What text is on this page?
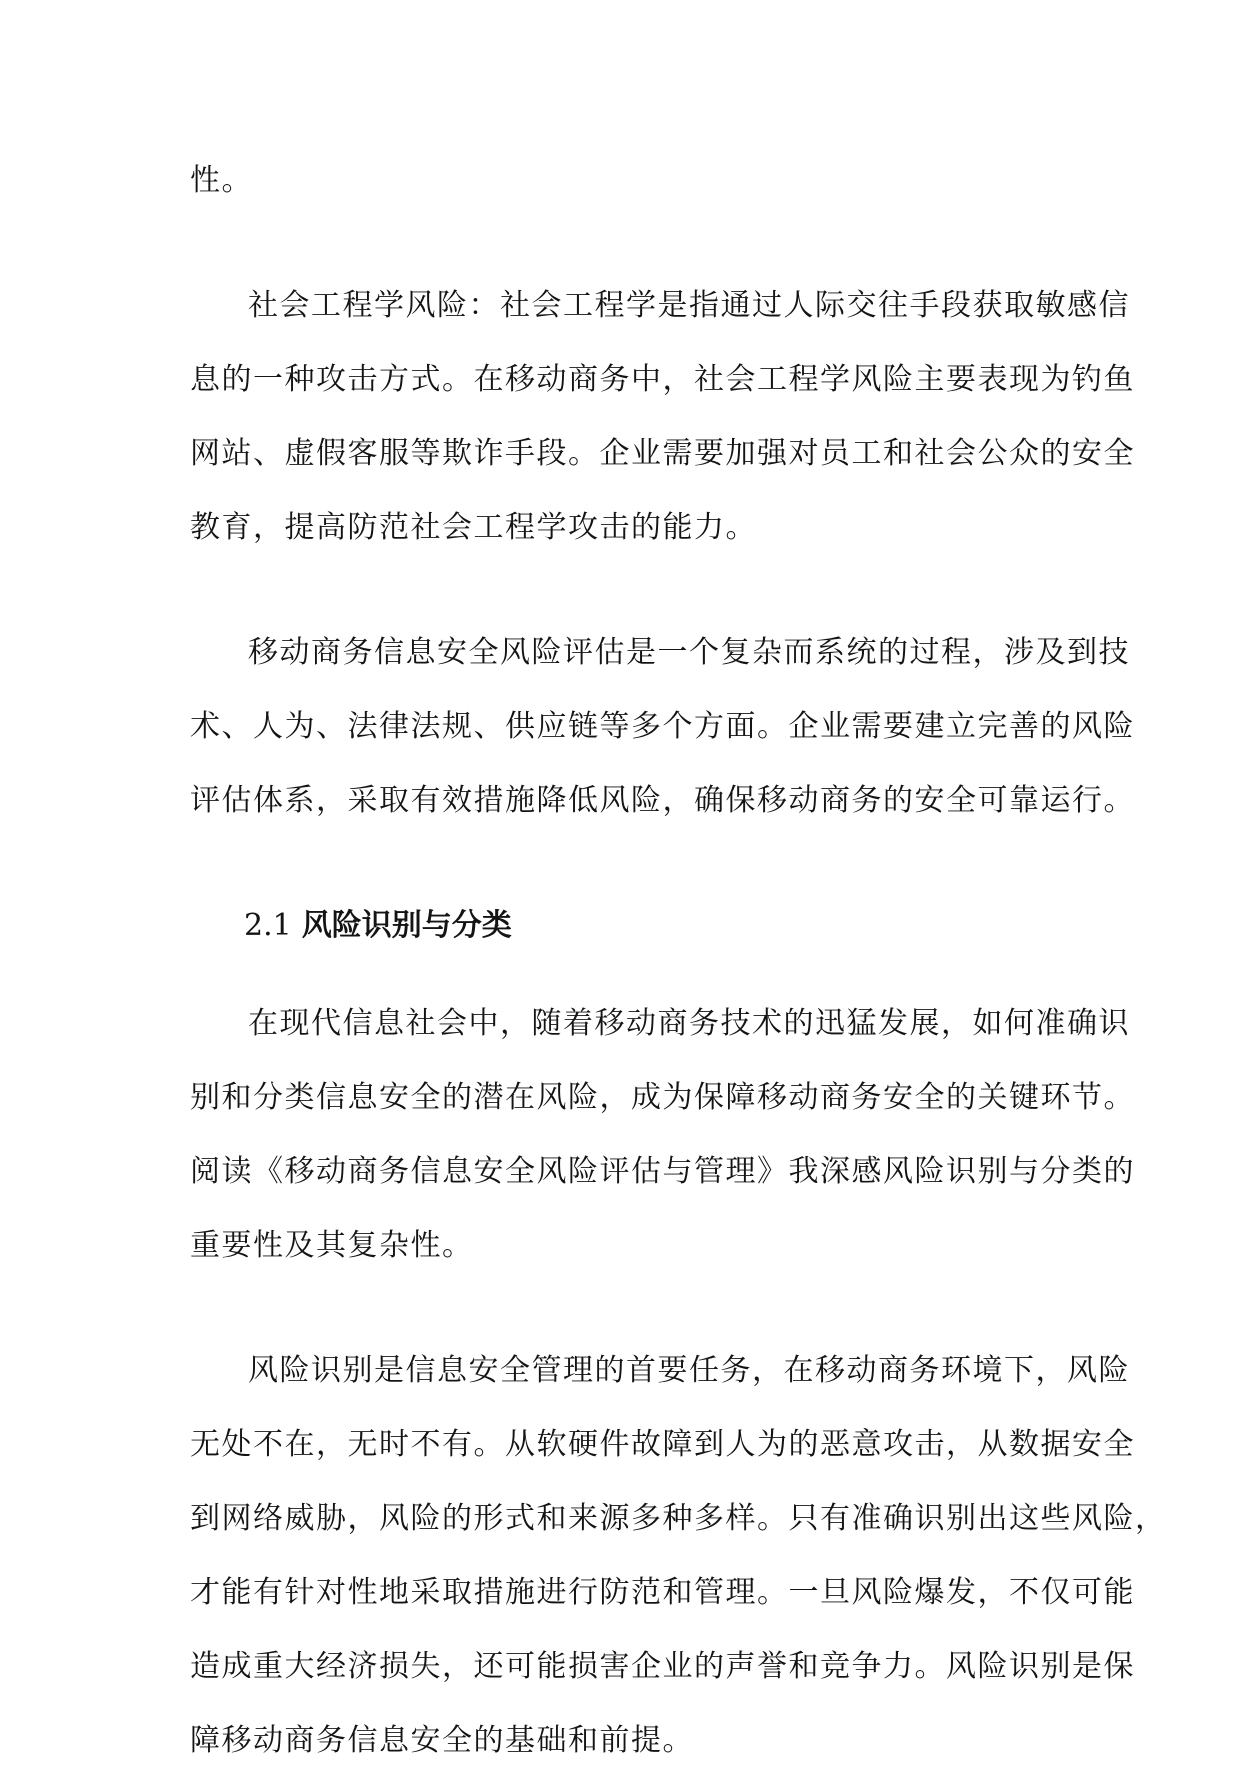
性。
社会工程学风险：社会工程学是指通过人际交往手段获取敏感信
息的一种攻击方式。在移动商务中，社会工程学风险主要表现为钓鱼
网站、虚假客服等欺诈手段。企业需要加强对员工和社会公众的安全
教育，提高防范社会工程学攻击的能力。
移动商务信息安全风险评估是一个复杂而系统的过程，涉及到技
术、人为、法律法规、供应链等多个方面。企业需要建立完善的风险
评估体系，采取有效措施降低风险，确保移动商务的安全可靠运行。
2.1 风险识别与分类
在现代信息社会中，随着移动商务技术的迅猛发展，如何准确识
别和分类信息安全的潜在风险，成为保障移动商务安全的关键环节。
阅读《移动商务信息安全风险评估与管理》我深感风险识别与分类的
重要性及其复杂性。
风险识别是信息安全管理的首要任务，在移动商务环境下，风险
无处不在，无时不有。从软硬件故障到人为的恶意攻击，从数据安全
到网络威胁，风险的形式和来源多种多样。只有准确识别出这些风险，
才能有针对性地采取措施进行防范和管理。一旦风险爆发，不仅可能
造成重大经济损失，还可能损害企业的声誉和竞争力。风险识别是保
障移动商务信息安全的基础和前提。
